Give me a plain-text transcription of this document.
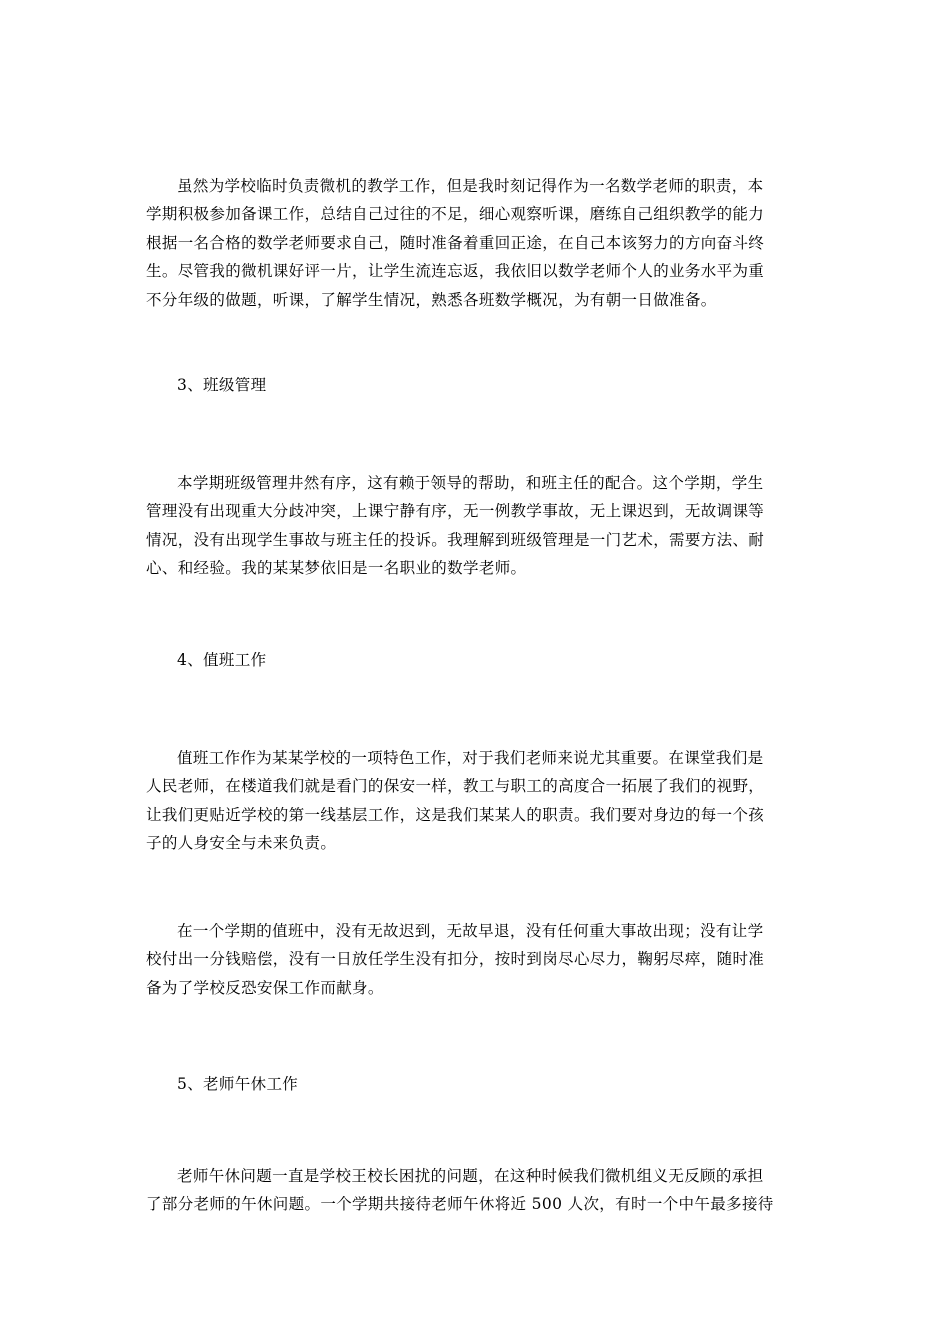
虽然为学校临时负责微机的教学工作，但是我时刻记得作为一名数学老师的职责，本
学期积极参加备课工作，总结自己过往的不足，细心观察听课，磨练自己组织教学的能力
根据一名合格的数学老师要求自己，随时准备着重回正途，在自己本该努力的方向奋斗终
生。尽管我的微机课好评一片，让学生流连忘返，我依旧以数学老师个人的业务水平为重
不分年级的做题，听课，了解学生情况，熟悉各班数学概况，为有朝一日做准备。
3、班级管理
本学期班级管理井然有序，这有赖于领导的帮助，和班主任的配合。这个学期，学生
管理没有出现重大分歧冲突，上课宁静有序，无一例教学事故，无上课迟到，无故调课等
情况，没有出现学生事故与班主任的投诉。我理解到班级管理是一门艺术，需要方法、耐
心、和经验。我的某某梦依旧是一名职业的数学老师。
4、值班工作
值班工作作为某某学校的一项特色工作，对于我们老师来说尤其重要。在课堂我们是
人民老师，在楼道我们就是看门的保安一样，教工与职工的高度合一拓展了我们的视野，
让我们更贴近学校的第一线基层工作，这是我们某某人的职责。我们要对身边的每一个孩
子的人身安全与未来负责。
在一个学期的值班中，没有无故迟到，无故早退，没有任何重大事故出现；没有让学
校付出一分钱赔偿，没有一日放任学生没有扣分，按时到岗尽心尽力，鞠躬尽瘁，随时准
备为了学校反恐安保工作而献身。
5、老师午休工作
老师午休问题一直是学校王校长困扰的问题，在这种时候我们微机组义无反顾的承担
了部分老师的午休问题。一个学期共接待老师午休将近 500 人次，有时一个中午最多接待
